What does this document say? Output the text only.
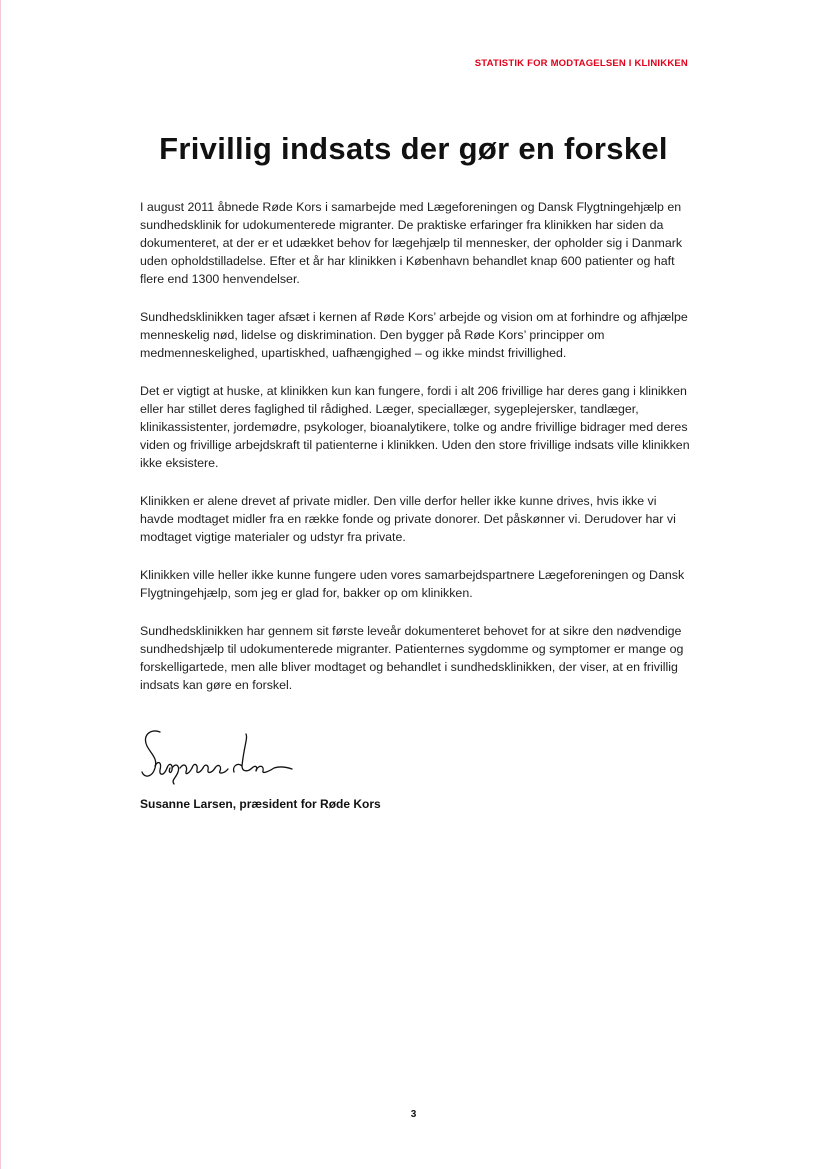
STATISTIK FOR MODTAGELSEN I KLINIKKEN
Frivillig indsats der gør en forskel

I august 2011 åbnede Røde Kors i samarbejde med Lægeforeningen og Dansk Flygtningehjælp en sundhedsklinik for udokumenterede migranter. De praktiske erfaringer fra klinikken har siden da dokumenteret, at der er et udækket behov for lægehjælp til mennesker, der opholder sig i Danmark uden opholdstilladelse. Efter et år har klinikken i København behandlet knap 600 patienter og haft flere end 1300 henvendelser.

Sundhedsklinikken tager afsæt i kernen af Røde Kors’ arbejde og vision om at forhindre og afhjælpe menneskelig nød, lidelse og diskrimination. Den bygger på Røde Kors’ principper om medmenneskelighed, upartiskhed, uafhængighed – og ikke mindst frivillighed.

Det er vigtigt at huske, at klinikken kun kan fungere, fordi i alt 206 frivillige har deres gang i klinikken eller har stillet deres faglighed til rådighed. Læger, speciallæger, sygeplejersker, tandlæger, klinikassistenter, jordemødre, psykologer, bioanalytikere, tolke og andre frivillige bidrager med deres viden og frivillige arbejdskraft til patienterne i klinikken. Uden den store frivillige indsats ville klinikken ikke eksistere.

Klinikken er alene drevet af private midler. Den ville derfor heller ikke kunne drives, hvis ikke vi havde modtaget midler fra en række fonde og private donorer. Det påskønner vi. Derudover har vi modtaget vigtige materialer og udstyr fra private.

Klinikken ville heller ikke kunne fungere uden vores samarbejdspartnere Lægeforeningen og Dansk Flygtningehjælp, som jeg er glad for, bakker op om klinikken.

Sundhedsklinikken har gennem sit første leveår dokumenteret behovet for at sikre den nødvendige sundhedshjælp til udokumenterede migranter. Patienternes sygdomme og symptomer er mange og forskelligartede, men alle bliver modtaget og behandlet i sundhedsklinikken, der viser, at en frivillig indsats kan gøre en forskel.

Susanne Larsen, præsident for Røde Kors
3
